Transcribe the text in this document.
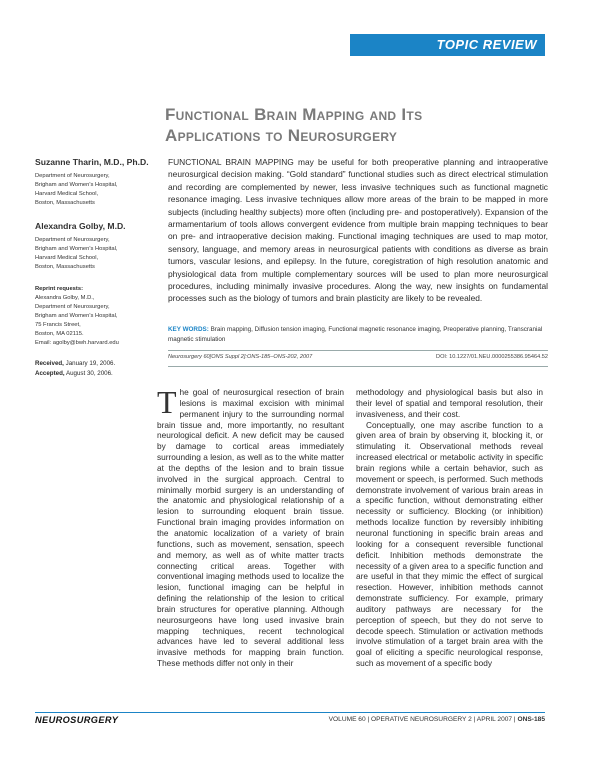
TOPIC REVIEW
Functional Brain Mapping and Its
Applications to Neurosurgery
Suzanne Tharin, M.D., Ph.D.
Department of Neurosurgery,
Brigham and Women's Hospital,
Harvard Medical School,
Boston, Massachusetts
Alexandra Golby, M.D.
Department of Neurosurgery,
Brigham and Women's Hospital,
Harvard Medical School,
Boston, Massachusetts
Reprint requests:
Alexandra Golby, M.D.,
Department of Neurosurgery,
Brigham and Women's Hospital,
75 Francis Street,
Boston, MA 02115.
Email: agolby@bwh.harvard.edu
Received, January 19, 2006.
Accepted, August 30, 2006.
FUNCTIONAL BRAIN MAPPING may be useful for both preoperative planning and intraoperative neurosurgical decision making. “Gold standard” functional studies such as direct electrical stimulation and recording are complemented by newer, less invasive techniques such as functional magnetic resonance imaging. Less invasive techniques allow more areas of the brain to be mapped in more subjects (including healthy subjects) more often (including pre- and postoperatively). Expansion of the armamentarium of tools allows convergent evidence from multiple brain mapping techniques to bear on pre- and intraoperative decision making. Functional imaging techniques are used to map motor, sensory, language, and memory areas in neurosurgical patients with conditions as diverse as brain tumors, vascular lesions, and epilepsy. In the future, coregistration of high resolution anatomic and physiological data from multiple complementary sources will be used to plan more neurosurgical procedures, including minimally invasive procedures. Along the way, new insights on fundamental processes such as the biology of tumors and brain plasticity are likely to be revealed.
KEY WORDS: Brain mapping, Diffusion tension imaging, Functional magnetic resonance imaging, Preoperative planning, Transcranial magnetic stimulation
Neurosurgery 60[ONS Suppl 2]:ONS-185–ONS-202, 2007	DOI: 10.1227/01.NEU.0000255386.95464.52
T he goal of neurosurgical resection of brain lesions is maximal excision with minimal permanent injury to the surrounding normal brain tissue and, more importantly, no resultant neurological deficit. A new deficit may be caused by damage to cortical areas immediately surrounding a lesion, as well as to the white matter at the depths of the lesion and to brain tissue involved in the surgical approach. Central to minimally morbid surgery is an understanding of the anatomic and physiological relationship of a lesion to surrounding eloquent brain tissue. Functional brain imaging provides information on the anatomic localization of a variety of brain functions, such as movement, sensation, speech and memory, as well as of white matter tracts connecting critical areas. Together with conventional imaging methods used to localize the lesion, functional imaging can be helpful in defining the relationship of the lesion to critical brain structures for operative planning. Although neurosurgeons have long used invasive brain mapping techniques, recent technological advances have led to several additional less invasive methods for mapping brain function. These methods differ not only in their

methodology and physiological basis but also in their level of spatial and temporal resolution, their invasiveness, and their cost.

Conceptually, one may ascribe function to a given area of brain by observing it, blocking it, or stimulating it. Observational methods reveal increased electrical or metabolic activity in specific brain regions while a certain behavior, such as movement or speech, is performed. Such methods demonstrate involvement of various brain areas in a specific function, without demonstrating either necessity or sufficiency. Blocking (or inhibition) methods localize function by reversibly inhibiting neuronal functioning in specific brain areas and looking for a consequent reversible functional deficit. Inhibition methods demonstrate the necessity of a given area to a specific function and are useful in that they mimic the effect of surgical resection. However, inhibition methods cannot demonstrate sufficiency. For example, primary auditory pathways are necessary for the perception of speech, but they do not serve to decode speech. Stimulation or activation methods involve stimulation of a target brain area with the goal of eliciting a specific neurological response, such as movement of a specific body

NEUROSURGERY	VOLUME 60 | OPERATIVE NEUROSURGERY 2 | APRIL 2007 | ONS-185
